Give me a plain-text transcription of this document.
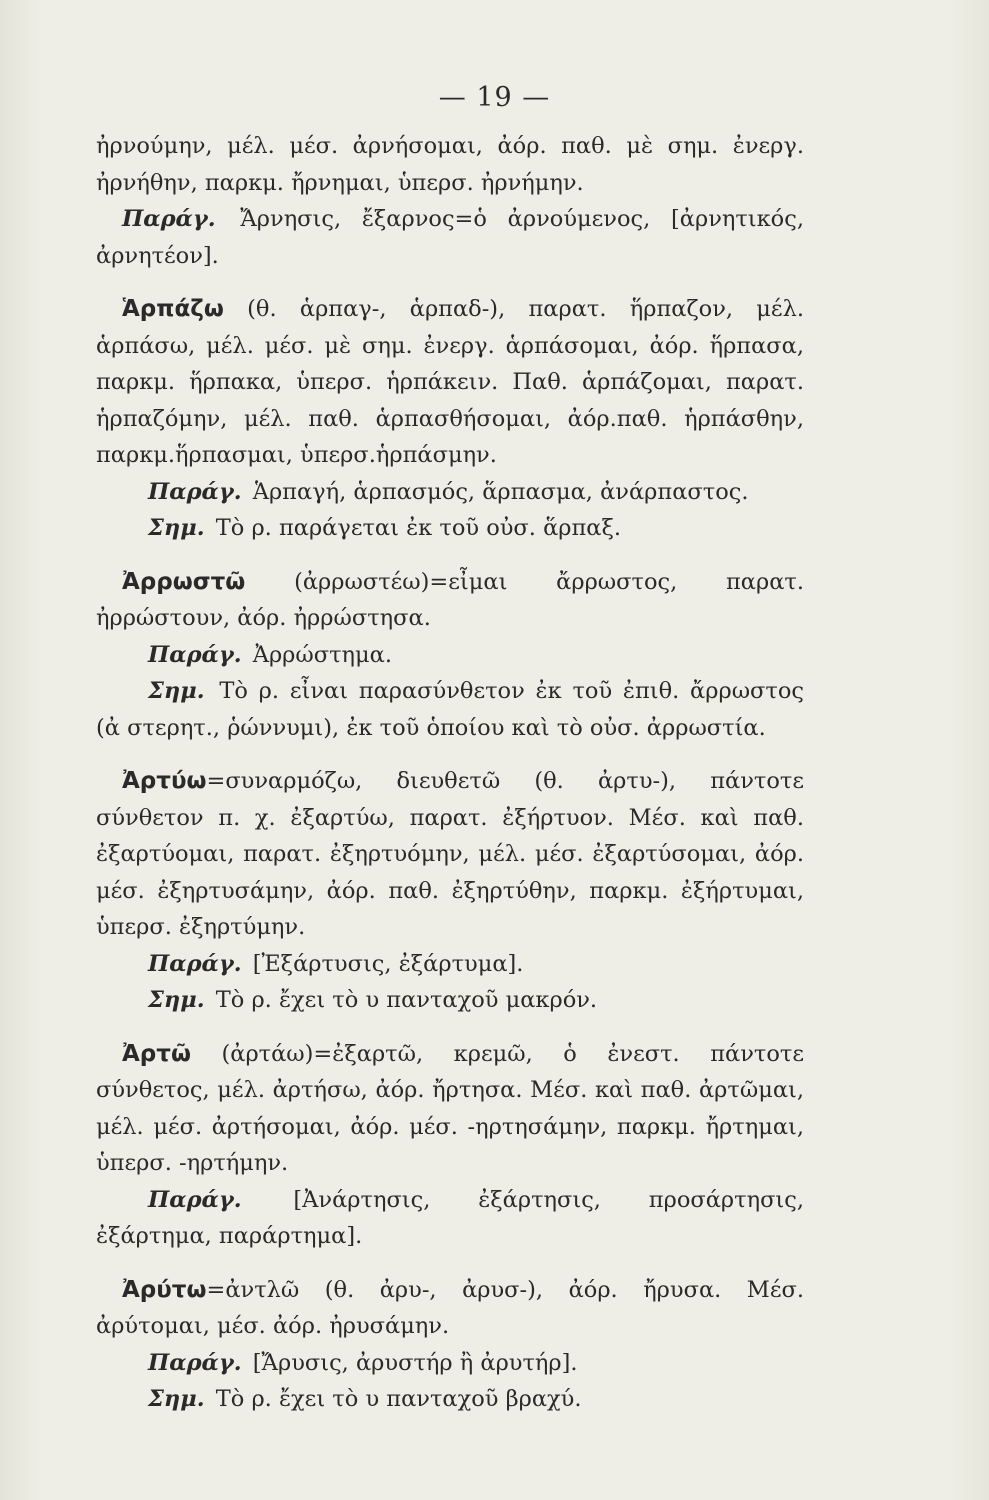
— 19 —

ἠρνούμην, μέλ. μέσ. ἀρνήσομαι, ἀόρ. παθ. μὲ σημ. ἐνεργ. ἠρνήθην, παρκμ. ἤρνημαι, ὑπερσ. ἠρνήμην.

Παράγ. Ἄρνησις, ἔξαρνος=ὁ ἀρνούμενος, [ἀρνητικός, ἀρνητέον].

Ἁρπάζω (θ. ἁρπαγ-, ἁρπαδ-), παρατ. ἥρπαζον, μέλ. ἁρπάσω, μέλ. μέσ. μὲ σημ. ἐνεργ. ἁρπάσομαι, ἀόρ. ἥρπασα, παρκμ. ἥρπακα, ὑπερσ. ἡρπάκειν. Παθ. ἁρπάζομαι, παρατ. ἡρπαζόμην, μέλ. παθ. ἁρπασθήσομαι, ἀόρ.παθ. ἡρπάσθην, παρκμ.ἥρπασμαι, ὑπερσ.ἡρπάσμην.

Παράγ. Ἁρπαγή, ἁρπασμός, ἅρπασμα, ἀνάρπαστος.

Σημ. Τὸ ρ. παράγεται ἐκ τοῦ οὐσ. ἅρπαξ.

Ἀρρωστῶ (ἀρρωστέω)=εἶμαι ἄρρωστος, παρατ. ἠρρώστουν, ἀόρ. ἠρρώστησα.

Παράγ. Ἀρρώστημα.

Σημ. Τὸ ρ. εἶναι παρασύνθετον ἐκ τοῦ ἐπιθ. ἄρρωστος (ἀ στερητ., ῥώννυμι), ἐκ τοῦ ὁποίου καὶ τὸ οὐσ. ἀρρωστία.

Ἀρτύω=συναρμόζω, διευθετῶ (θ. ἀρτυ-), πάντοτε σύνθετον π. χ. ἐξαρτύω, παρατ. ἐξήρτυον. Μέσ. καὶ παθ. ἐξαρτύομαι, παρατ. ἐξηρτυόμην, μέλ. μέσ. ἐξαρτύσομαι, ἀόρ. μέσ. ἐξηρτυσάμην, ἀόρ. παθ. ἐξηρτύθην, παρκμ. ἐξήρτυμαι, ὑπερσ. ἐξηρτύμην.

Παράγ. [Ἐξάρτυσις, ἐξάρτυμα].

Σημ. Τὸ ρ. ἔχει τὸ υ πανταχοῦ μακρόν.

Ἀρτῶ (ἀρτάω)=ἐξαρτῶ, κρεμῶ, ὁ ἐνεστ. πάντοτε σύνθετος, μέλ. ἀρτήσω, ἀόρ. ἤρτησα. Μέσ. καὶ παθ. ἀρτῶμαι, μέλ. μέσ. ἀρτήσομαι, ἀόρ. μέσ. -ηρτησάμην, παρκμ. ἤρτημαι, ὑπερσ. -ηρτήμην.

Παράγ. [Ἀνάρτησις, ἐξάρτησις, προσάρτησις, ἐξάρτημα, παράρτημα].

Ἀρύτω=ἀντλῶ (θ. ἀρυ-, ἀρυσ-), ἀόρ. ἤρυσα. Μέσ. ἀρύτομαι, μέσ. ἀόρ. ἠρυσάμην.

Παράγ. [Ἄρυσις, ἀρυστήρ ἢ ἀρυτήρ].

Σημ. Τὸ ρ. ἔχει τὸ υ πανταχοῦ βραχύ.
